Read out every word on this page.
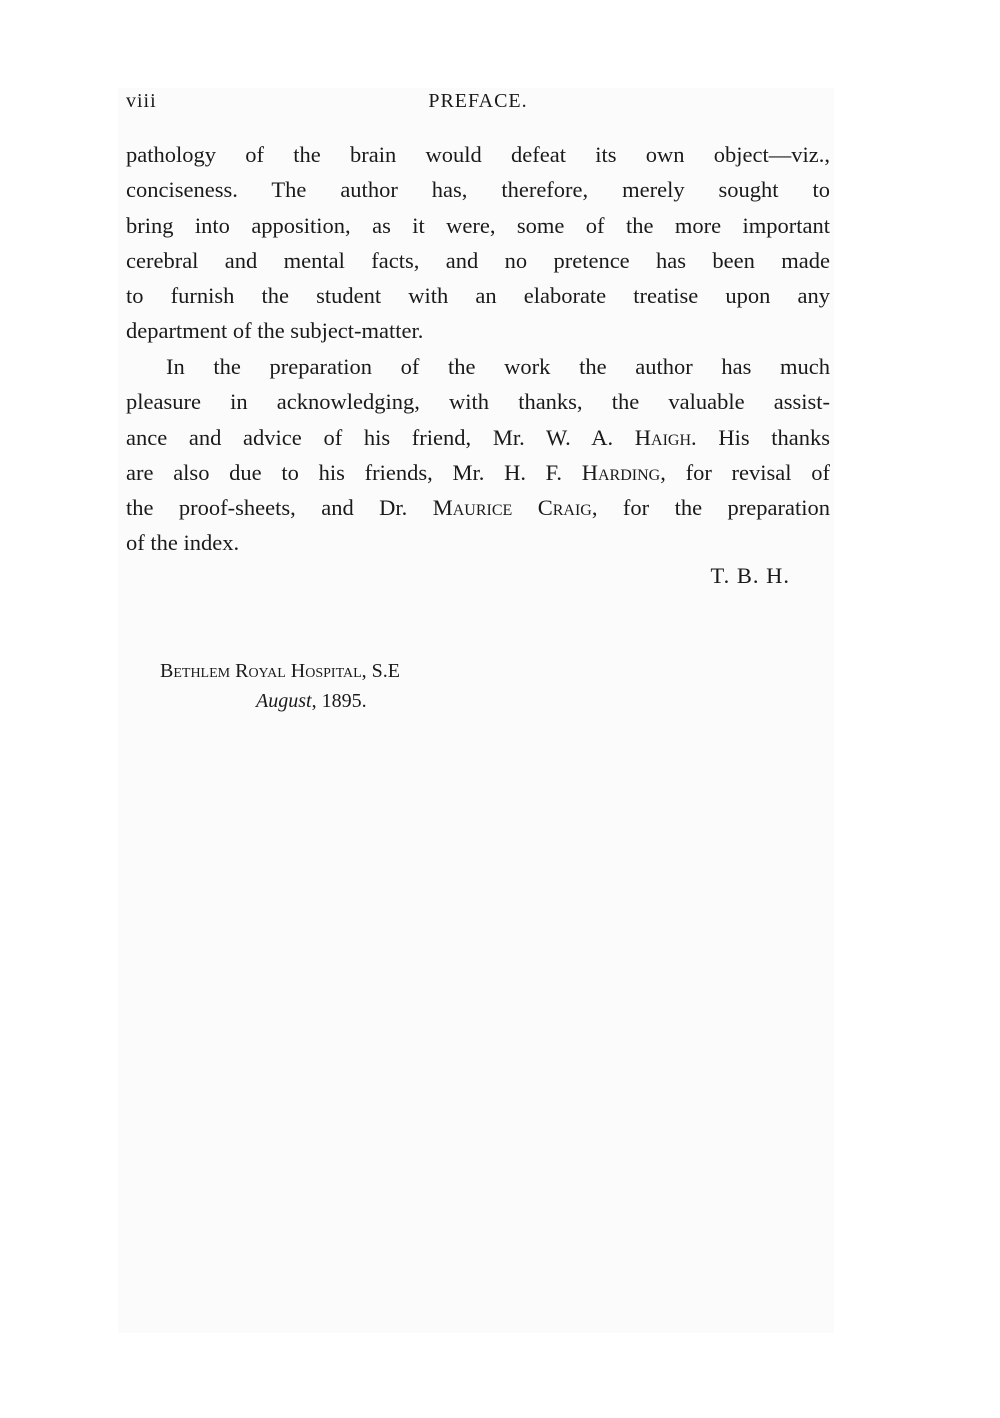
viii	PREFACE.
pathology of the brain would defeat its own object—viz.,
conciseness. The author has, therefore, merely sought to
bring into apposition, as it were, some of the more important
cerebral and mental facts, and no pretence has been made
to furnish the student with an elaborate treatise upon any
department of the subject-matter.
In the preparation of the work the author has much
pleasure in acknowledging, with thanks, the valuable assist-
ance and advice of his friend, Mr. W. A. Haigh. His thanks
are also due to his friends, Mr. H. F. Harding, for revisal of
the proof-sheets, and Dr. Maurice Craig, for the preparation
of the index.
T. B. H.
Bethlem Royal Hospital, S.E
August, 1895.
